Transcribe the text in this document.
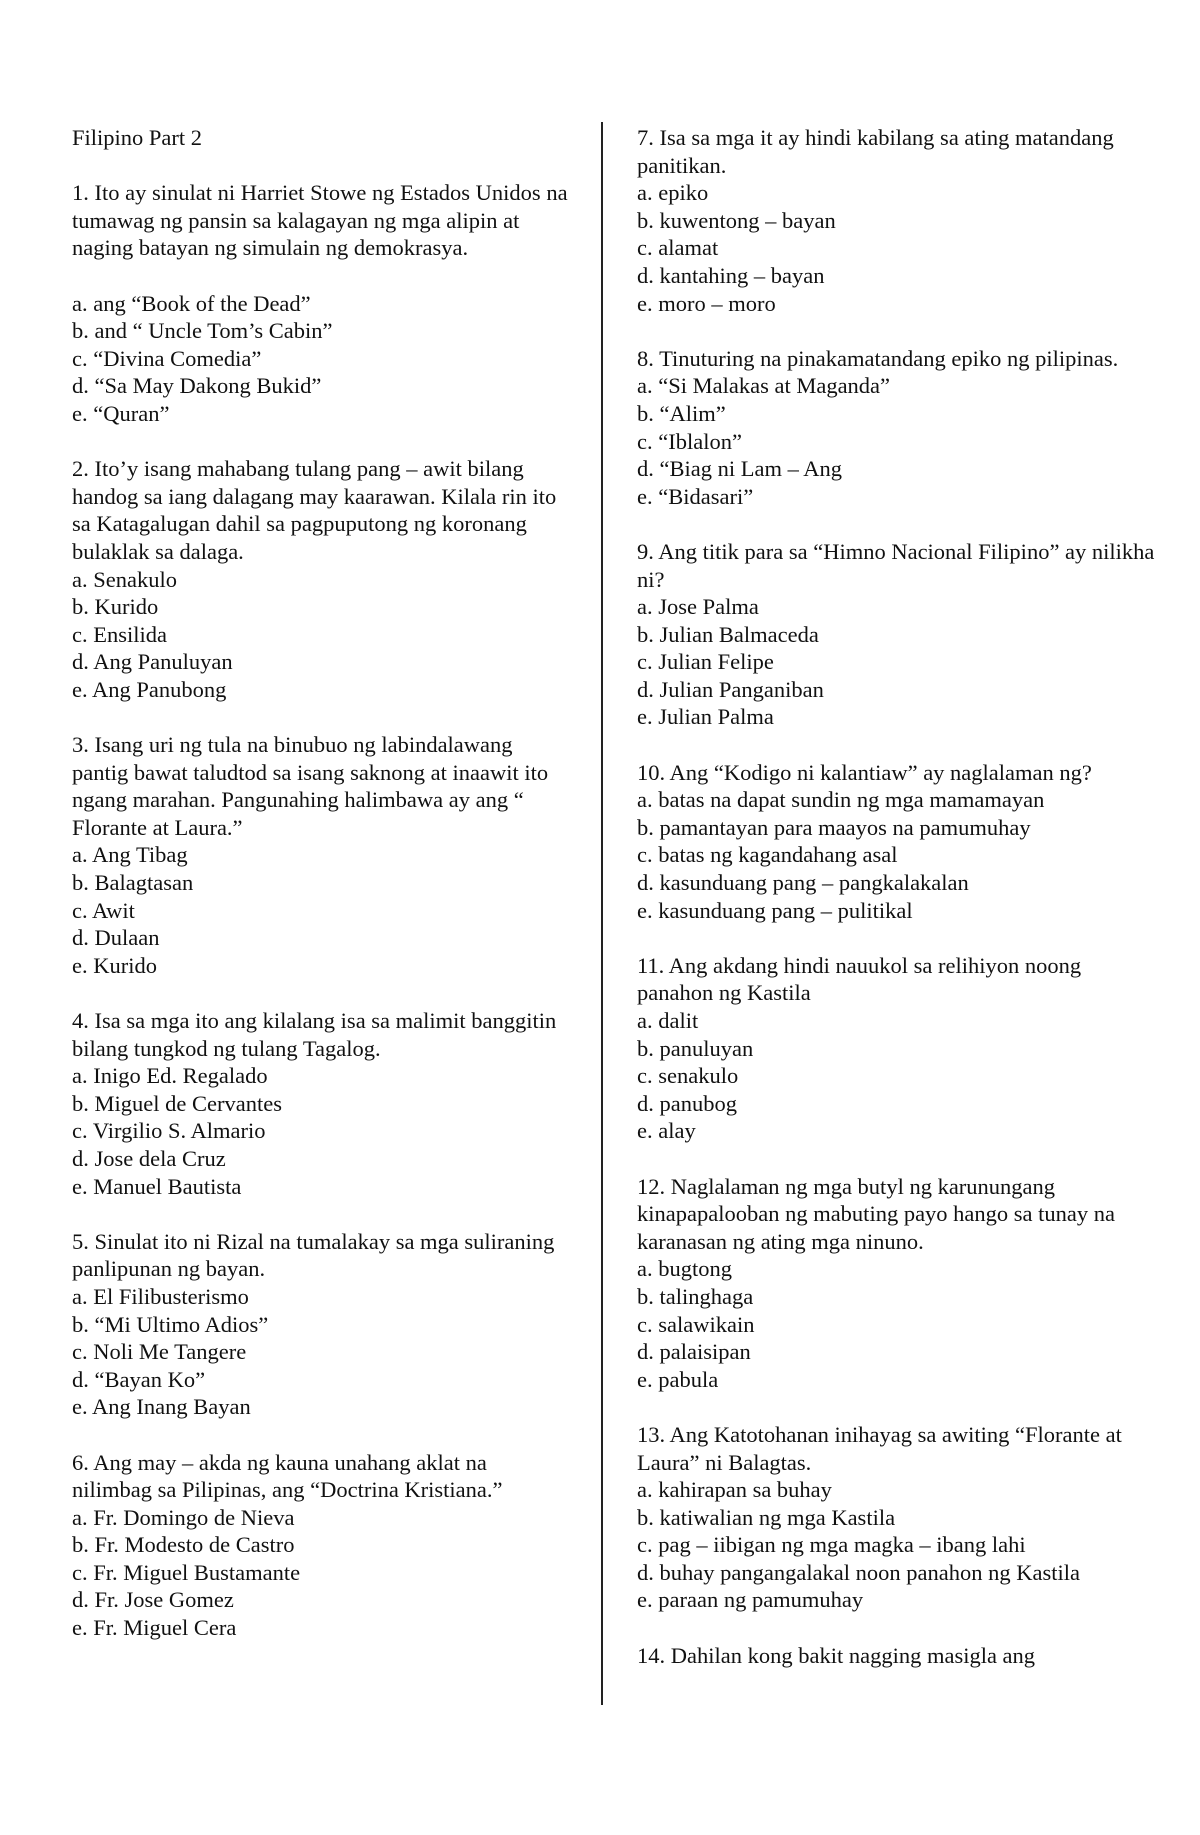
Filipino Part 2

1. Ito ay sinulat ni Harriet Stowe ng Estados Unidos na tumawag ng pansin sa kalagayan ng mga alipin at naging batayan ng simulain ng demokrasya.

a. ang “Book of the Dead”
b. and “ Uncle Tom’s Cabin”
c. “Divina Comedia”
d. “Sa May Dakong Bukid”
e. “Quran”

2. Ito’y isang mahabang tulang pang – awit bilang handog sa iang dalagang may kaarawan. Kilala rin ito sa Katagalugan dahil sa pagpuputong ng koronang bulaklak sa dalaga.

a. Senakulo
b. Kurido
c. Ensilida
d. Ang Panuluyan
e. Ang Panubong

3. Isang uri ng tula na binubuo ng labindalawang pantig bawat taludtod sa isang saknong at inaawit ito ngang marahan. Pangunahing halimbawa ay ang “ Florante at Laura.”

a. Ang Tibag
b. Balagtasan
c. Awit
d. Dulaan
e. Kurido

4. Isa sa mga ito ang kilalang isa sa malimit banggitin bilang tungkod ng tulang Tagalog.

a. Inigo Ed. Regalado
b. Miguel de Cervantes
c. Virgilio S. Almario
d. Jose dela Cruz
e. Manuel Bautista

5. Sinulat ito ni Rizal na tumalakay sa mga suliraning panlipunan ng bayan.

a. El Filibusterismo
b. “Mi Ultimo Adios”
c. Noli Me Tangere
d. “Bayan Ko”
e. Ang Inang Bayan

6. Ang may – akda ng kauna unahang aklat na nilimbag sa Pilipinas, ang “Doctrina Kristiana.”

a. Fr. Domingo de Nieva
b. Fr. Modesto de Castro
c. Fr. Miguel Bustamante
d. Fr. Jose Gomez
e. Fr. Miguel Cera

7. Isa sa mga it ay hindi kabilang sa ating matandang panitikan.

a. epiko
b. kuwentong – bayan
c. alamat
d. kantahing – bayan
e. moro – moro

8. Tinuturing na pinakamatandang epiko ng pilipinas.

a. “Si Malakas at Maganda”
b. “Alim”
c. “Iblalon”
d. “Biag ni Lam – Ang
e. “Bidasari”

9. Ang titik para sa “Himno Nacional Filipino” ay nilikha ni?

a. Jose Palma
b. Julian Balmaceda
c. Julian Felipe
d. Julian Panganiban
e. Julian Palma

10. Ang “Kodigo ni kalantiaw” ay naglalaman ng?

a. batas na dapat sundin ng mga mamamayan
b. pamantayan para maayos na pamumuhay
c. batas ng kagandahang asal
d. kasunduang pang – pangkalakalan
e. kasunduang pang – pulitikal

11. Ang akdang hindi nauukol sa relihiyon noong panahon ng Kastila

a. dalit
b. panuluyan
c. senakulo
d. panubog
e. alay

12. Naglalaman ng mga butyl ng karunungang kinapapalooban ng mabuting payo hango sa tunay na karanasan ng ating mga ninuno.

a. bugtong
b. talinghaga
c. salawikain
d. palaisipan
e. pabula

13. Ang Katotohanan inihayag sa awiting “Florante at Laura” ni Balagtas.

a. kahirapan sa buhay
b. katiwalian ng mga Kastila
c. pag – iibigan ng mga magka – ibang lahi
d. buhay pangangalakal noon panahon ng Kastila
e. paraan ng pamumuhay

14. Dahilan kong bakit nagging masigla ang
